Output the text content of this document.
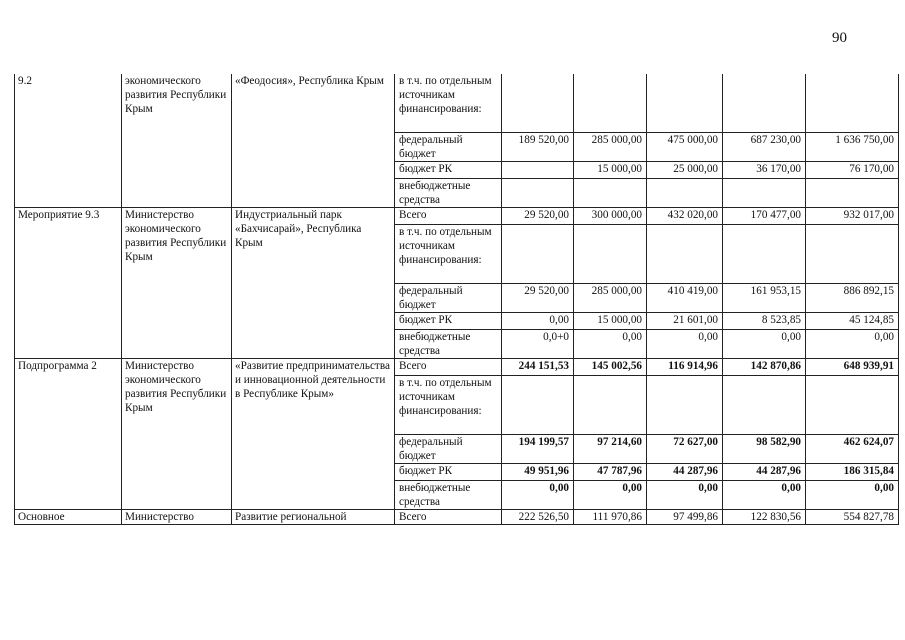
90
9.2	экономического развития Республики Крым	«Феодосия», Республика Крым	в т.ч. по отдельным источникам финансирования:					
			федеральный бюджет	189 520,00	285 000,00	475 000,00	687 230,00	1 636 750,00
			бюджет РК		15 000,00	25 000,00	36 170,00	76 170,00
			внебюджетные средства					
Мероприятие 9.3	Министерство экономического развития Республики Крым	Индустриальный парк «Бахчисарай», Республика Крым	Всего	29 520,00	300 000,00	432 020,00	170 477,00	932 017,00
			в т.ч. по отдельным источникам финансирования:					
			федеральный бюджет	29 520,00	285 000,00	410 419,00	161 953,15	886 892,15
			бюджет РК	0,00	15 000,00	21 601,00	8 523,85	45 124,85
			внебюджетные средства	0,0+0	0,00	0,00	0,00	0,00
Подпрограмма 2	Министерство экономического развития Республики Крым	«Развитие предпринимательства и инновационной деятельности в Республике Крым»	Всего	244 151,53	145 002,56	116 914,96	142 870,86	648 939,91
			в т.ч. по отдельным источникам финансирования:					
			федеральный бюджет	194 199,57	97 214,60	72 627,00	98 582,90	462 624,07
			бюджет РК	49 951,96	47 787,96	44 287,96	44 287,96	186 315,84
			внебюджетные средства	0,00	0,00	0,00	0,00	0,00
Основное	Министерство	Развитие региональной	Всего	222 526,50	111 970,86	97 499,86	122 830,56	554 827,78
